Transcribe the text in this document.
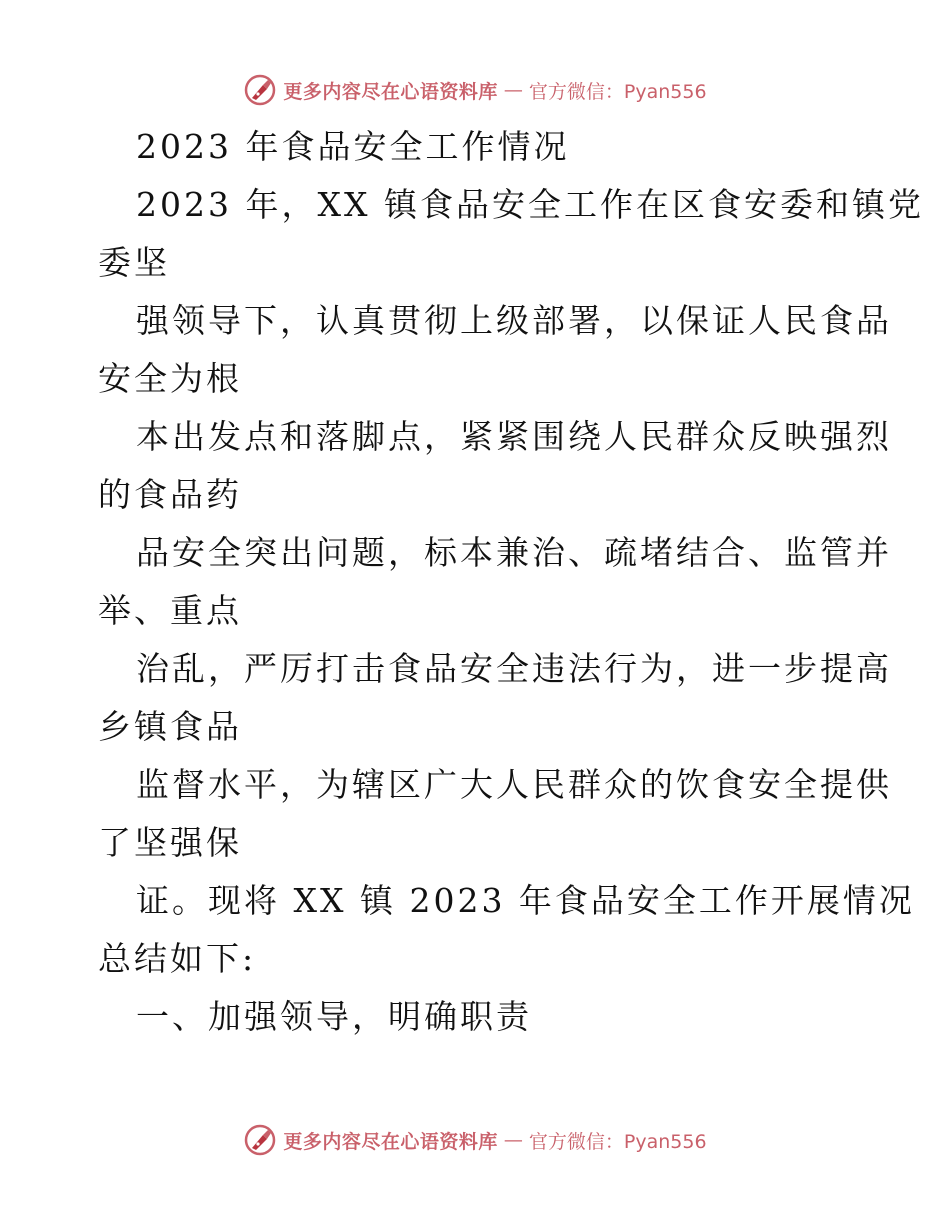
更多内容尽在心语资料库 — 官方微信：Pyan556
2023 年食品安全工作情况
2023 年，XX 镇食品安全工作在区食安委和镇党
委坚
强领导下，认真贯彻上级部署，以保证人民食品
安全为根
本出发点和落脚点，紧紧围绕人民群众反映强烈
的食品药
品安全突出问题，标本兼治、疏堵结合、监管并
举、重点
治乱，严厉打击食品安全违法行为，进一步提高
乡镇食品
监督水平，为辖区广大人民群众的饮食安全提供
了坚强保
证。现将 XX 镇 2023 年食品安全工作开展情况
总结如下:
一、加强领导，明确职责
更多内容尽在心语资料库 — 官方微信：Pyan556
